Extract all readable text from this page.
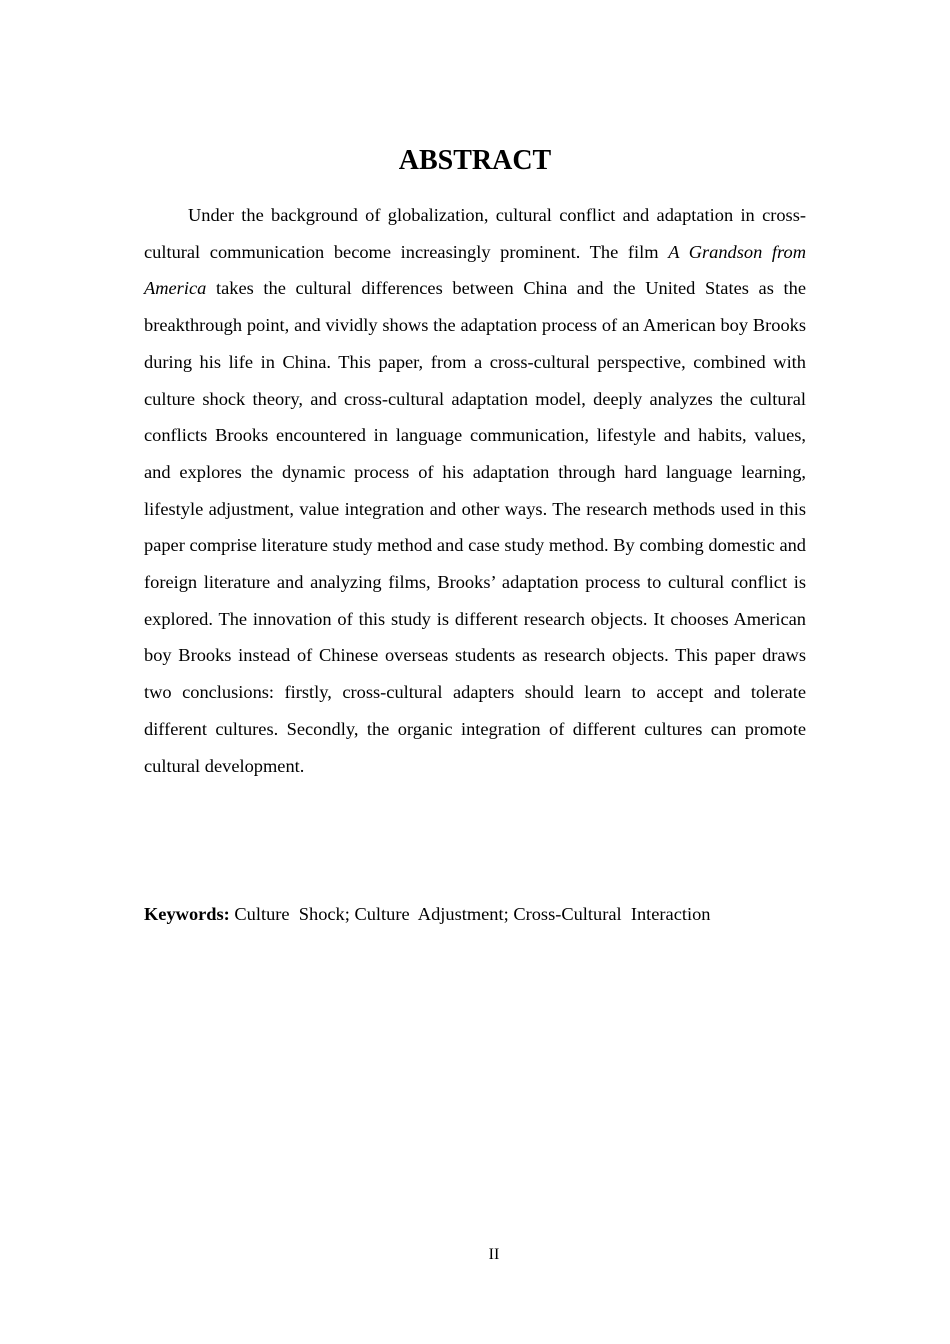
ABSTRACT

Under the background of globalization, cultural conflict and adaptation in cross-cultural communication become increasingly prominent. The film A Grandson from America takes the cultural differences between China and the United States as the breakthrough point, and vividly shows the adaptation process of an American boy Brooks during his life in China. This paper, from a cross-cultural perspective, combined with culture shock theory, and cross-cultural adaptation model, deeply analyzes the cultural conflicts Brooks encountered in language communication, lifestyle and habits, values, and explores the dynamic process of his adaptation through hard language learning, lifestyle adjustment, value integration and other ways. The research methods used in this paper comprise literature study method and case study method. By combing domestic and foreign literature and analyzing films, Brooks’ adaptation process to cultural conflict is explored. The innovation of this study is different research objects. It chooses American boy Brooks instead of Chinese overseas students as research objects. This paper draws two conclusions: firstly, cross-cultural adapters should learn to accept and tolerate different cultures. Secondly, the organic integration of different cultures can promote cultural development.

Keywords: Culture  Shock; Culture  Adjustment; Cross-Cultural  Interaction

II
